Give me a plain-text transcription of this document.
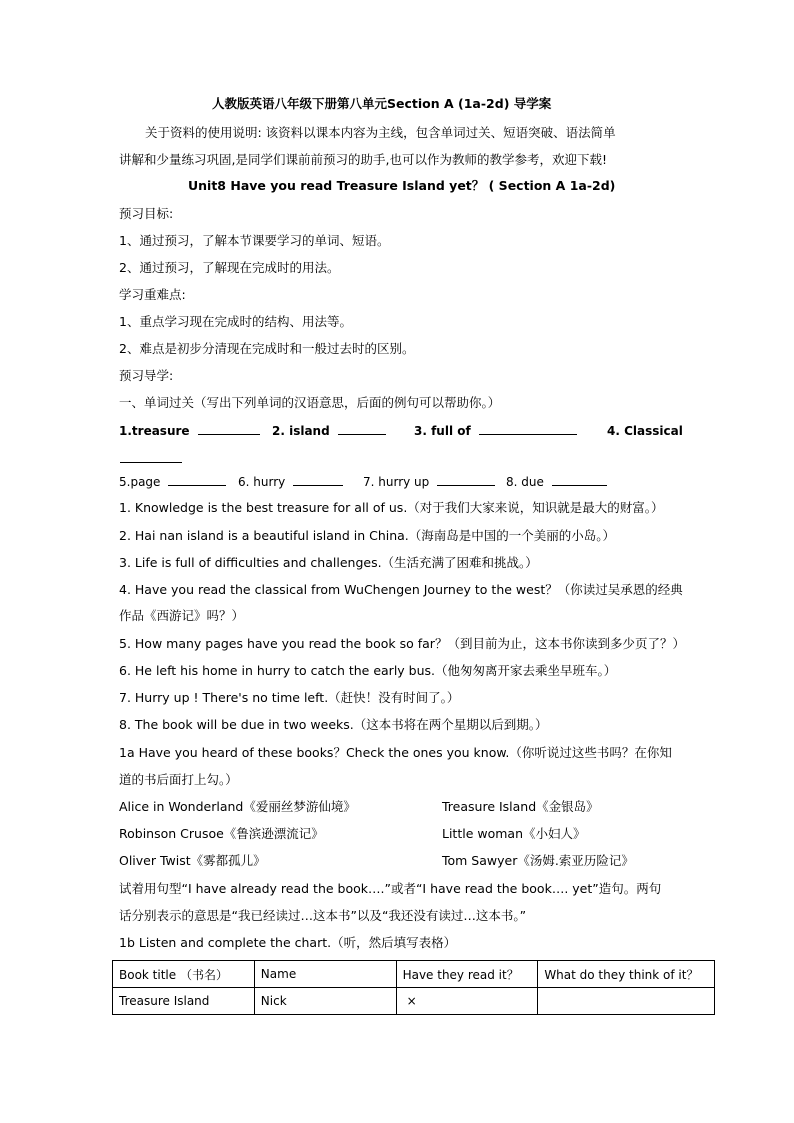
人教版英语八年级下册第八单元Section A (1a-2d) 导学案
关于资料的使用说明: 该资料以课本内容为主线，包含单词过关、短语突破、语法简单
讲解和少量练习巩固,是同学们课前前预习的助手,也可以作为教师的教学参考，欢迎下载!
Unit8 Have you read Treasure Island yet？ ( Section A 1a-2d)
预习目标:
1、通过预习，了解本节课要学习的单词、短语。
2、通过预习，了解现在完成时的用法。
学习重难点:
1、重点学习现在完成时的结构、用法等。
2、难点是初步分清现在完成时和一般过去时的区别。
预习导学:
一、单词过关（写出下列单词的汉语意思，后面的例句可以帮助你。）
1.treasure	2. island	3. full of	4. Classical
5.page	6. hurry	7. hurry up	8. due
1. Knowledge is the best treasure for all of us.（对于我们大家来说，知识就是最大的财富。）
2. Hai nan island is a beautiful island in China.（海南岛是中国的一个美丽的小岛。）
3. Life is full of difficulties and challenges.（生活充满了困难和挑战。）
4. Have you read the classical from WuChengen Journey to the west？（你读过吴承恩的经典
作品《西游记》吗？）
5. How many pages have you read the book so far？（到目前为止，这本书你读到多少页了？）
6. He left his home in hurry to catch the early bus.（他匆匆离开家去乘坐早班车。）
7. Hurry up ! There's no time left.（赶快！没有时间了。）
8. The book will be due in two weeks.（这本书将在两个星期以后到期。）
1a Have you heard of these books？Check the ones you know.（你听说过这些书吗？在你知
道的书后面打上勾。）
Alice in Wonderland《爱丽丝梦游仙境》	Treasure Island《金银岛》
Robinson Crusoe《鲁滨逊漂流记》	Little woman《小妇人》
Oliver Twist《雾都孤儿》	Tom Sawyer《汤姆.索亚历险记》
试着用句型“I have already read the book….”或者“I have read the book…. yet”造句。两句
话分别表示的意思是“我已经读过…这本书”以及“我还没有读过…这本书。”
1b Listen and complete the chart.（听，然后填写表格）
Book title （书名）	Name	Have they read it？	What do they think of it？
Treasure Island	Nick	×	
